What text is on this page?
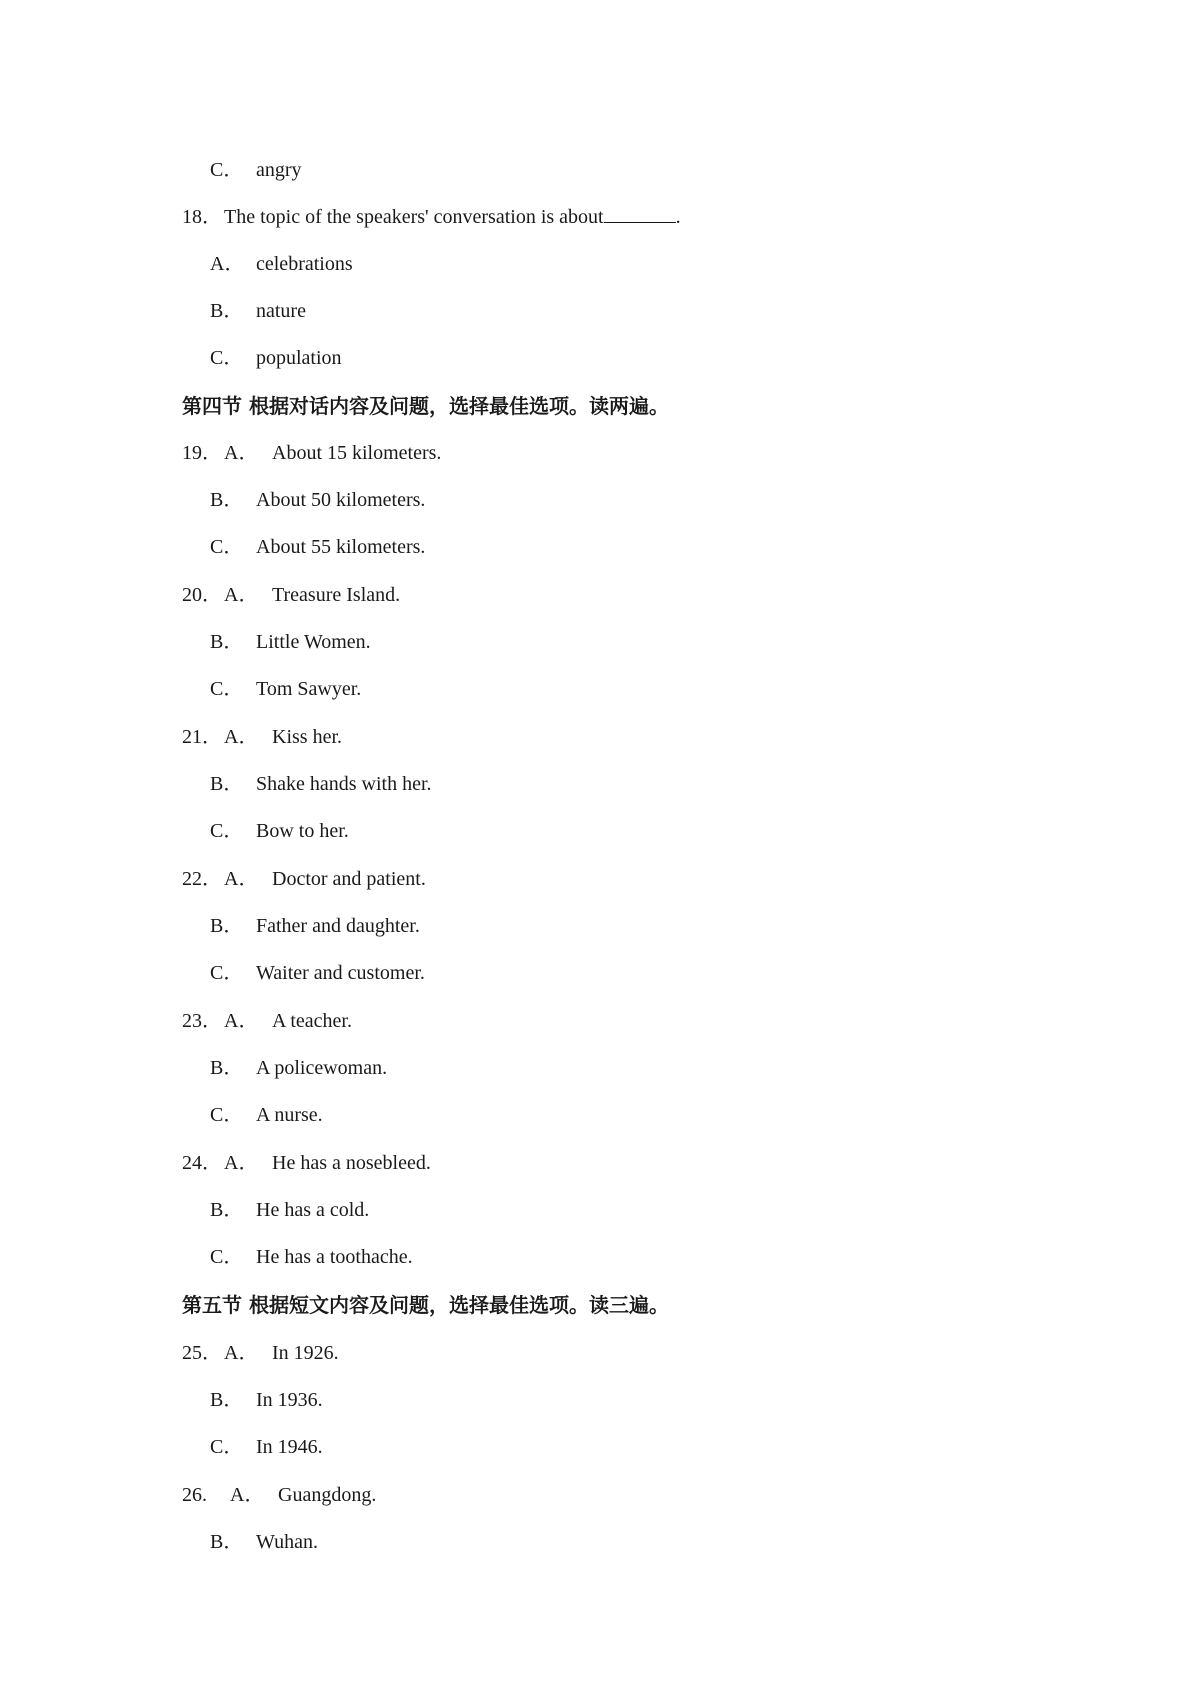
C． angry
18． The topic of the speakers' conversation is about	.
A． celebrations
B． nature
C． population
第四节 根据对话内容及问题，选择最佳选项。读两遍。
19． A． About 15 kilometers.
B． About 50 kilometers.
C． About 55 kilometers.
20． A． Treasure Island.
B． Little Women.
C． Tom Sawyer.
21． A． Kiss her.
B． Shake hands with her.
C． Bow to her.
22． A． Doctor and patient.
B． Father and daughter.
C． Waiter and customer.
23． A． A teacher.
B． A policewoman.
C． A nurse.
24． A． He has a nosebleed.
B． He has a cold.
C． He has a toothache.
第五节 根据短文内容及问题，选择最佳选项。读三遍。
25． A． In 1926.
B． In 1936.
C． In 1946.
26. A． Guangdong.
B． Wuhan.
